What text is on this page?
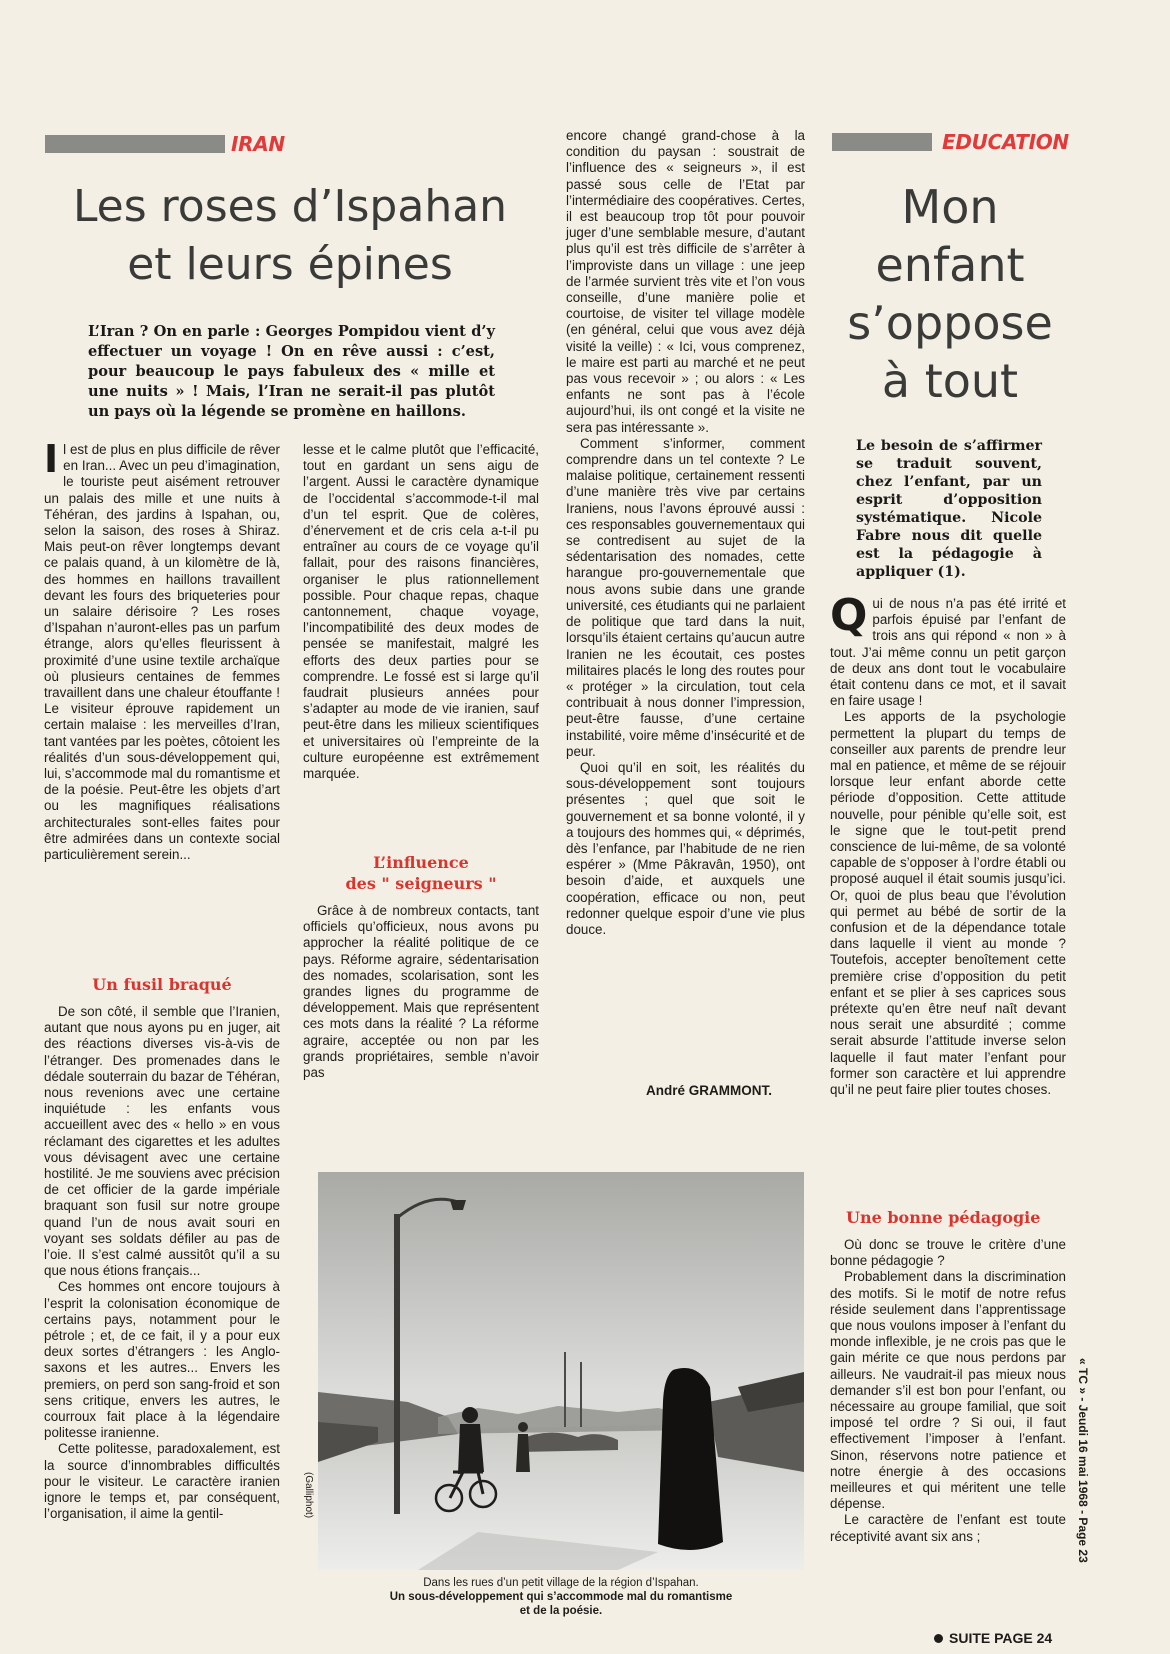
IRAN
Les roses d’Ispahan
et leurs épines
L’Iran ? On en parle : Georges Pompidou vient d’y effectuer un voyage ! On en rêve aussi : c’est, pour beaucoup le pays fabuleux des « mille et une nuits » ! Mais, l’Iran ne serait-il pas plutôt un pays où la légende se promène en haillons.

Il est de plus en plus difficile de rêver en Iran... Avec un peu d’imagination, le touriste peut aisément retrouver un palais des mille et une nuits à Téhéran, des jardins à Ispahan, ou, selon la saison, des roses à Shiraz. Mais peut-on rêver longtemps devant ce palais quand, à un kilomètre de là, des hommes en haillons travaillent devant les fours des briqueteries pour un salaire dérisoire ? Les roses d’Ispahan n’auront-elles pas un parfum étrange, alors qu’elles fleurissent à proximité d’une usine textile archaïque où plusieurs centaines de femmes travaillent dans une chaleur étouffante ! Le visiteur éprouve rapidement un certain malaise : les merveilles d’Iran, tant vantées par les poètes, côtoient les réalités d’un sous-développement qui, lui, s’accommode mal du romantisme et de la poésie. Peut-être les objets d’art ou les magnifiques réalisations architecturales sont-elles faites pour être admirées dans un contexte social particulièrement serein...

Un fusil braqué

De son côté, il semble que l’Iranien, autant que nous ayons pu en juger, ait des réactions diverses vis-à-vis de l’étranger. Des promenades dans le dédale souterrain du bazar de Téhéran, nous revenions avec une certaine inquiétude : les enfants vous accueillent avec des « hello » en vous réclamant des cigarettes et les adultes vous dévisagent avec une certaine hostilité. Je me souviens avec précision de cet officier de la garde impériale braquant son fusil sur notre groupe quand l’un de nous avait souri en voyant ses soldats défiler au pas de l’oie. Il s’est calmé aussitôt qu’il a su que nous étions français...

Ces hommes ont encore toujours à l’esprit la colonisation économique de certains pays, notamment pour le pétrole ; et, de ce fait, il y a pour eux deux sortes d’étrangers : les Anglo-saxons et les autres... Envers les premiers, on perd son sang-froid et son sens critique, envers les autres, le courroux fait place à la légendaire politesse iranienne.

Cette politesse, paradoxalement, est la source d’innombrables difficultés pour le visiteur. Le caractère iranien ignore le temps et, par conséquent, l’organisation, il aime la gentil-

lesse et le calme plutôt que l’efficacité, tout en gardant un sens aigu de l’argent. Aussi le caractère dynamique de l’occidental s’accommode-t-il mal d’un tel esprit. Que de colères, d’énervement et de cris cela a-t-il pu entraîner au cours de ce voyage qu’il fallait, pour des raisons financières, organiser le plus rationnellement possible. Pour chaque repas, chaque cantonnement, chaque voyage, l’incompatibilité des deux modes de pensée se manifestait, malgré les efforts des deux parties pour se comprendre. Le fossé est si large qu’il faudrait plusieurs années pour s’adapter au mode de vie iranien, sauf peut-être dans les milieux scientifiques et universitaires où l’empreinte de la culture européenne est extrêmement marquée.

L’influence
des " seigneurs "

Grâce à de nombreux contacts, tant officiels qu’officieux, nous avons pu approcher la réalité politique de ce pays. Réforme agraire, sédentarisation des nomades, scolarisation, sont les grandes lignes du programme de développement. Mais que représentent ces mots dans la réalité ? La réforme agraire, acceptée ou non par les grands propriétaires, semble n’avoir pas

encore changé grand-chose à la condition du paysan : soustrait de l’influence des « seigneurs », il est passé sous celle de l’Etat par l’intermédiaire des coopératives. Certes, il est beaucoup trop tôt pour pouvoir juger d’une semblable mesure, d’autant plus qu’il est très difficile de s’arrêter à l’improviste dans un village : une jeep de l’armée survient très vite et l’on vous conseille, d’une manière polie et courtoise, de visiter tel village modèle (en général, celui que vous avez déjà visité la veille) : « Ici, vous comprenez, le maire est parti au marché et ne peut pas vous recevoir » ; ou alors : « Les enfants ne sont pas à l’école aujourd’hui, ils ont congé et la visite ne sera pas intéressante ».

Comment s’informer, comment comprendre dans un tel contexte ? Le malaise politique, certainement ressenti d’une manière très vive par certains Iraniens, nous l’avons éprouvé aussi : ces responsables gouvernementaux qui se contredisent au sujet de la sédentarisation des nomades, cette harangue pro-gouvernementale que nous avons subie dans une grande université, ces étudiants qui ne parlaient de politique que tard dans la nuit, lorsqu’ils étaient certains qu’aucun autre Iranien ne les écoutait, ces postes militaires placés le long des routes pour « protéger » la circulation, tout cela contribuait à nous donner l’impression, peut-être fausse, d’une certaine instabilité, voire même d’insécurité et de peur.

Quoi qu’il en soit, les réalités du sous-développement sont toujours présentes ; quel que soit le gouvernement et sa bonne volonté, il y a toujours des hommes qui, « déprimés, dès l’enfance, par l’habitude de ne rien espérer » (Mme Pâkravân, 1950), ont besoin d’aide, et auxquels une coopération, efficace ou non, peut redonner quelque espoir d’une vie plus douce.

André GRAMMONT.
(Galliphot)
Dans les rues d’un petit village de la région d’Ispahan.
Un sous-développement qui s’accommode mal du romantisme
et de la poésie.
EDUCATION
Mon
enfant
s’oppose
à tout
Le besoin de s’affirmer se traduit souvent, chez l’enfant, par un esprit d’opposition systématique. Nicole Fabre nous dit quelle est la pédagogie à appliquer (1).

Qui de nous n’a pas été irrité et parfois épuisé par l’enfant de trois ans qui répond « non » à tout. J’ai même connu un petit garçon de deux ans dont tout le vocabulaire était contenu dans ce mot, et il savait en faire usage !

Les apports de la psychologie permettent la plupart du temps de conseiller aux parents de prendre leur mal en patience, et même de se réjouir lorsque leur enfant aborde cette période d’opposition. Cette attitude nouvelle, pour pénible qu’elle soit, est le signe que le tout-petit prend conscience de lui-même, de sa volonté capable de s’opposer à l’ordre établi ou proposé auquel il était soumis jusqu’ici. Or, quoi de plus beau que l’évolution qui permet au bébé de sortir de la confusion et de la dépendance totale dans laquelle il vient au monde ? Toutefois, accepter benoîtement cette première crise d’opposition du petit enfant et se plier à ses caprices sous prétexte qu’en être neuf naît devant nous serait une absurdité ; comme serait absurde l’attitude inverse selon laquelle il faut mater l’enfant pour former son caractère et lui apprendre qu’il ne peut faire plier toutes choses.

Une bonne pédagogie

Où donc se trouve le critère d’une bonne pédagogie ?

Probablement dans la discrimination des motifs. Si le motif de notre refus réside seulement dans l’apprentissage que nous voulons imposer à l’enfant du monde inflexible, je ne crois pas que le gain mérite ce que nous perdons par ailleurs. Ne vaudrait-il pas mieux nous demander s’il est bon pour l’enfant, ou nécessaire au groupe familial, que soit imposé tel ordre ? Si oui, il faut effectivement l’imposer à l’enfant. Sinon, réservons notre patience et notre énergie à des occasions meilleures et qui méritent une telle dépense.

Le caractère de l’enfant est toute réceptivité avant six ans ;

SUITE PAGE 24
« TC » - Jeudi 16 mai 1968 - Page 23
